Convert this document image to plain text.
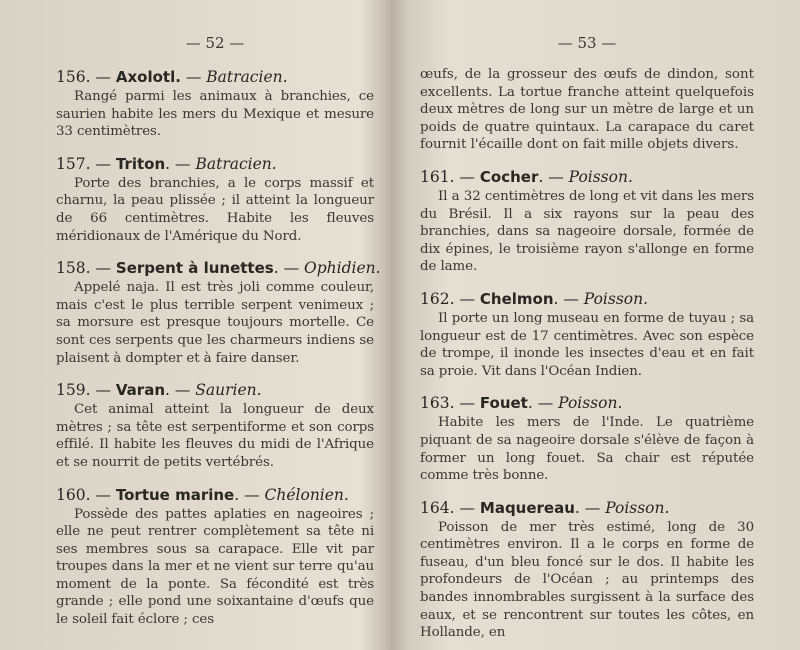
— 52 —
156. — Axolotl. — Batracien.
Rangé parmi les animaux à branchies, ce saurien habite les mers du Mexique et mesure 33 centimètres.
157. — Triton. — Batracien.
Porte des branchies, a le corps massif et charnu, la peau plissée ; il atteint la longueur de 66 centimètres. Habite les fleuves méridionaux de l'Amérique du Nord.
158. — Serpent à lunettes. — Ophidien.
Appelé naja. Il est très joli comme couleur, mais c'est le plus terrible serpent venimeux ; sa morsure est presque toujours mortelle. Ce sont ces serpents que les charmeurs indiens se plaisent à dompter et à faire danser.
159. — Varan. — Saurien.
Cet animal atteint la longueur de deux mètres ; sa tête est serpentiforme et son corps effilé. Il habite les fleuves du midi de l'Afrique et se nourrit de petits vertébrés.
160. — Tortue marine. — Chélonien.
Possède des pattes aplaties en nageoires ; elle ne peut rentrer complètement sa tête ni ses membres sous sa carapace. Elle vit par troupes dans la mer et ne vient sur terre qu'au moment de la ponte. Sa fécondité est très grande ; elle pond une soixantaine d'œufs que le soleil fait éclore ; ces
— 53 —
œufs, de la grosseur des œufs de dindon, sont excellents. La tortue franche atteint quelquefois deux mètres de long sur un mètre de large et un poids de quatre quintaux. La carapace du caret fournit l'écaille dont on fait mille objets divers.
161. — Cocher. — Poisson.
Il a 32 centimètres de long et vit dans les mers du Brésil. Il a six rayons sur la peau des branchies, dans sa nageoire dorsale, formée de dix épines, le troisième rayon s'allonge en forme de lame.
162. — Chelmon. — Poisson.
Il porte un long museau en forme de tuyau ; sa longueur est de 17 centimètres. Avec son espèce de trompe, il inonde les insectes d'eau et en fait sa proie. Vit dans l'Océan Indien.
163. — Fouet. — Poisson.
Habite les mers de l'Inde. Le quatrième piquant de sa nageoire dorsale s'élève de façon à former un long fouet. Sa chair est réputée comme très bonne.
164. — Maquereau. — Poisson.
Poisson de mer très estimé, long de 30 centimètres environ. Il a le corps en forme de fuseau, d'un bleu foncé sur le dos. Il habite les profondeurs de l'Océan ; au printemps des bandes innombrables surgissent à la surface des eaux, et se rencontrent sur toutes les côtes, en Hollande, en
